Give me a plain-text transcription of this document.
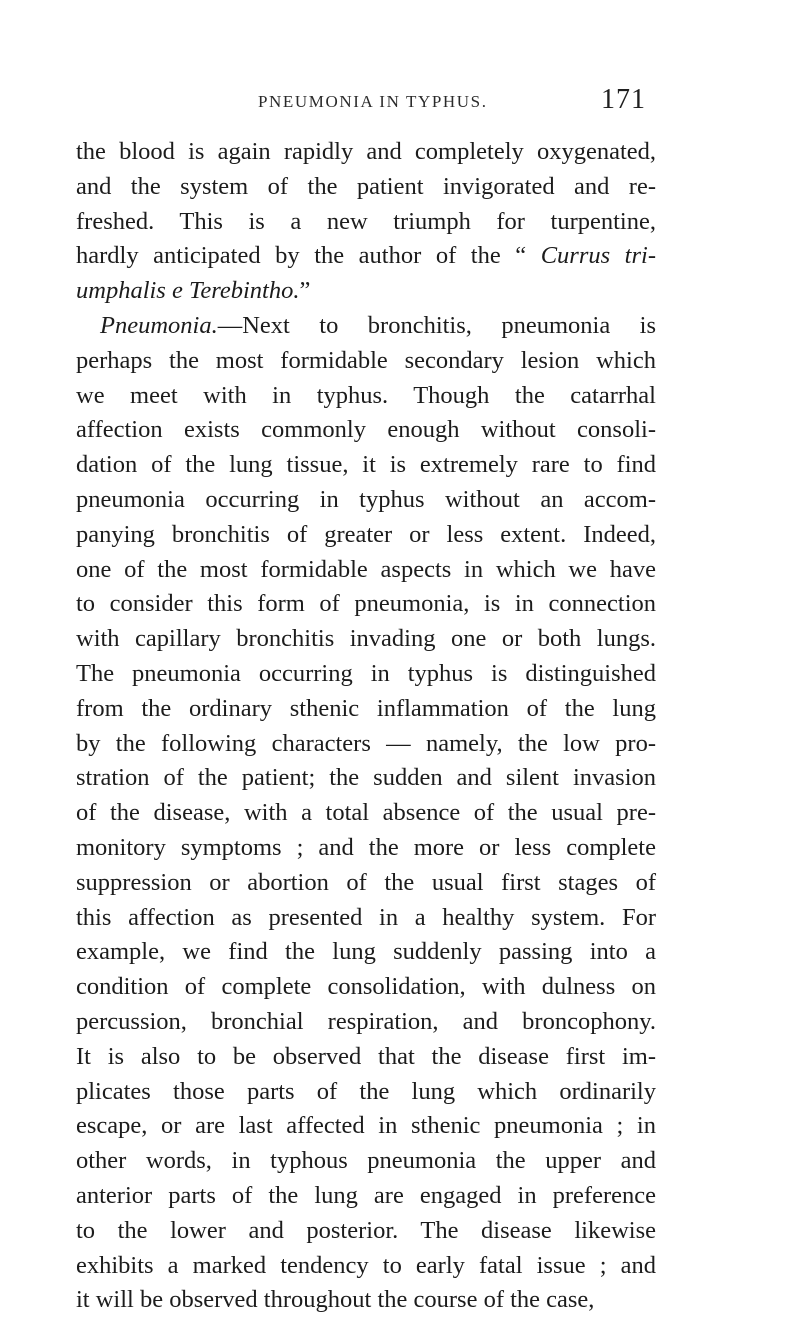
PNEUMONIA IN TYPHUS.	171
the blood is again rapidly and completely oxygenated,
and the system of the patient invigorated and re-
freshed. This is a new triumph for turpentine,
hardly anticipated by the author of the “ Currus tri-
umphalis e Terebintho.”
Pneumonia.—Next to bronchitis, pneumonia is
perhaps the most formidable secondary lesion which
we meet with in typhus. Though the catarrhal
affection exists commonly enough without consoli-
dation of the lung tissue, it is extremely rare to find
pneumonia occurring in typhus without an accom-
panying bronchitis of greater or less extent. Indeed,
one of the most formidable aspects in which we have
to consider this form of pneumonia, is in connection
with capillary bronchitis invading one or both lungs.
The pneumonia occurring in typhus is distinguished
from the ordinary sthenic inflammation of the lung
by the following characters — namely, the low pro-
stration of the patient; the sudden and silent invasion
of the disease, with a total absence of the usual pre-
monitory symptoms ; and the more or less complete
suppression or abortion of the usual first stages of
this affection as presented in a healthy system. For
example, we find the lung suddenly passing into a
condition of complete consolidation, with dulness on
percussion, bronchial respiration, and broncophony.
It is also to be observed that the disease first im-
plicates those parts of the lung which ordinarily
escape, or are last affected in sthenic pneumonia ; in
other words, in typhous pneumonia the upper and
anterior parts of the lung are engaged in preference
to the lower and posterior. The disease likewise
exhibits a marked tendency to early fatal issue ; and
it will be observed throughout the course of the case,
